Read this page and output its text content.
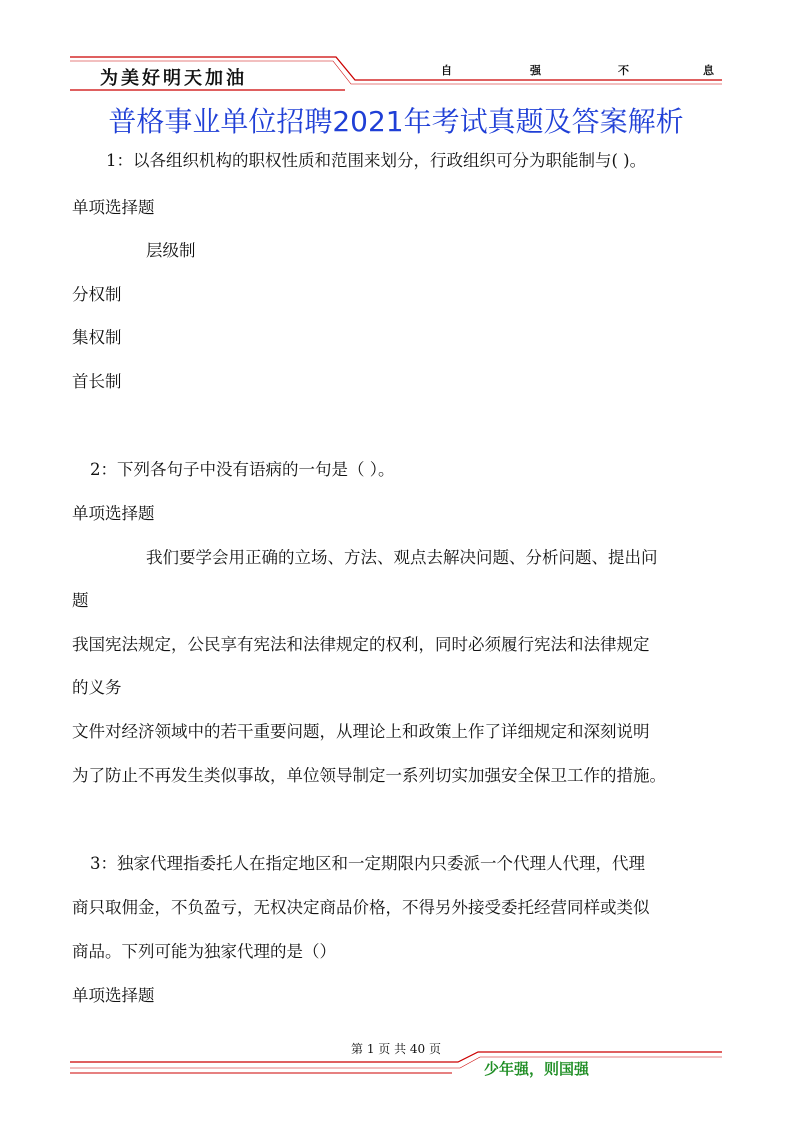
为美好明天加油	自	强	不	息
普格事业单位招聘2021年考试真题及答案解析
1：以各组织机构的职权性质和范围来划分，行政组织可分为职能制与( )。
单项选择题
层级制
分权制
集权制
首长制
2：下列各句子中没有语病的一句是（ ）。
单项选择题
我们要学会用正确的立场、方法、观点去解决问题、分析问题、提出问
题
我国宪法规定，公民享有宪法和法律规定的权利，同时必须履行宪法和法律规定
的义务
文件对经济领域中的若干重要问题，从理论上和政策上作了详细规定和深刻说明
为了防止不再发生类似事故，单位领导制定一系列切实加强安全保卫工作的措施。
3：独家代理指委托人在指定地区和一定期限内只委派一个代理人代理，代理
商只取佣金，不负盈亏，无权决定商品价格，不得另外接受委托经营同样或类似
商品。下列可能为独家代理的是（）
单项选择题
第 1 页 共 40 页
少年强，则国强
